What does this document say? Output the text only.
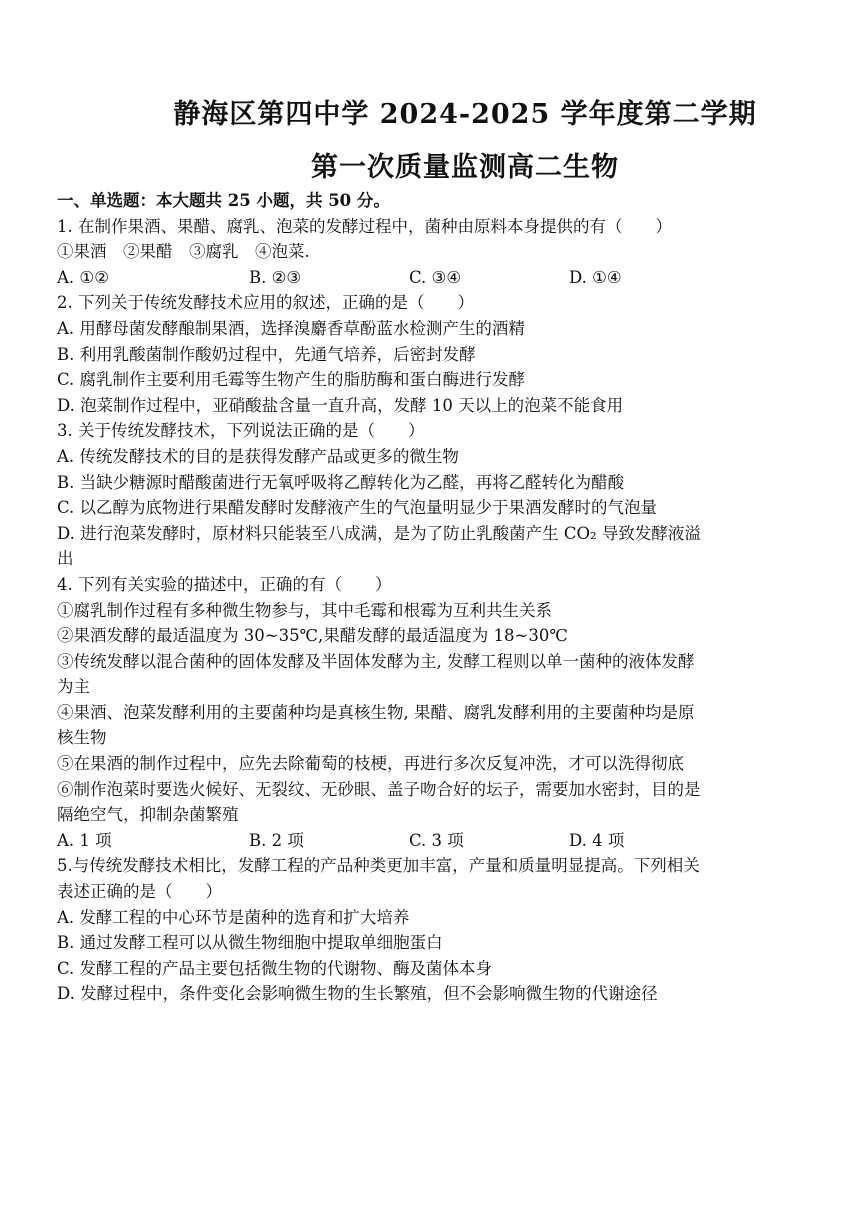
静海区第四中学 2024-2025 学年度第二学期
第一次质量监测高二生物
一、单选题：本大题共 25 小题，共 50 分。
1. 在制作果酒、果醋、腐乳、泡菜的发酵过程中，菌种由原料本身提供的有（　　）
①果酒　②果醋　③腐乳　④泡菜.
A. ①②	B. ②③	C. ③④	D. ①④
2. 下列关于传统发酵技术应用的叙述，正确的是（　　）
A. 用酵母菌发酵酿制果酒，选择溴麝香草酚蓝水检测产生的酒精
B. 利用乳酸菌制作酸奶过程中，先通气培养，后密封发酵
C. 腐乳制作主要利用毛霉等生物产生的脂肪酶和蛋白酶进行发酵
D. 泡菜制作过程中，亚硝酸盐含量一直升高，发酵 10 天以上的泡菜不能食用
3. 关于传统发酵技术，下列说法正确的是（　　）
A. 传统发酵技术的目的是获得发酵产品或更多的微生物
B. 当缺少糖源时醋酸菌进行无氧呼吸将乙醇转化为乙醛，再将乙醛转化为醋酸
C. 以乙醇为底物进行果醋发酵时发酵液产生的气泡量明显少于果酒发酵时的气泡量
D. 进行泡菜发酵时，原材料只能装至八成满，是为了防止乳酸菌产生 CO₂ 导致发酵液溢
出
4. 下列有关实验的描述中，正确的有（　　）
①腐乳制作过程有多种微生物参与，其中毛霉和根霉为互利共生关系
②果酒发酵的最适温度为 30~35℃,果醋发酵的最适温度为 18~30℃
③传统发酵以混合菌种的固体发酵及半固体发酵为主, 发酵工程则以单一菌种的液体发酵
为主
④果酒、泡菜发酵利用的主要菌种均是真核生物, 果醋、腐乳发酵利用的主要菌种均是原
核生物
⑤在果酒的制作过程中，应先去除葡萄的枝梗，再进行多次反复冲洗，才可以洗得彻底
⑥制作泡菜时要选火候好、无裂纹、无砂眼、盖子吻合好的坛子，需要加水密封，目的是
隔绝空气，抑制杂菌繁殖
A. 1 项	B. 2 项	C. 3 项	D. 4 项
5.与传统发酵技术相比，发酵工程的产品种类更加丰富，产量和质量明显提高。下列相关
表述正确的是（　　）
A. 发酵工程的中心环节是菌种的选育和扩大培养
B. 通过发酵工程可以从微生物细胞中提取单细胞蛋白
C. 发酵工程的产品主要包括微生物的代谢物、酶及菌体本身
D. 发酵过程中，条件变化会影响微生物的生长繁殖，但不会影响微生物的代谢途径
